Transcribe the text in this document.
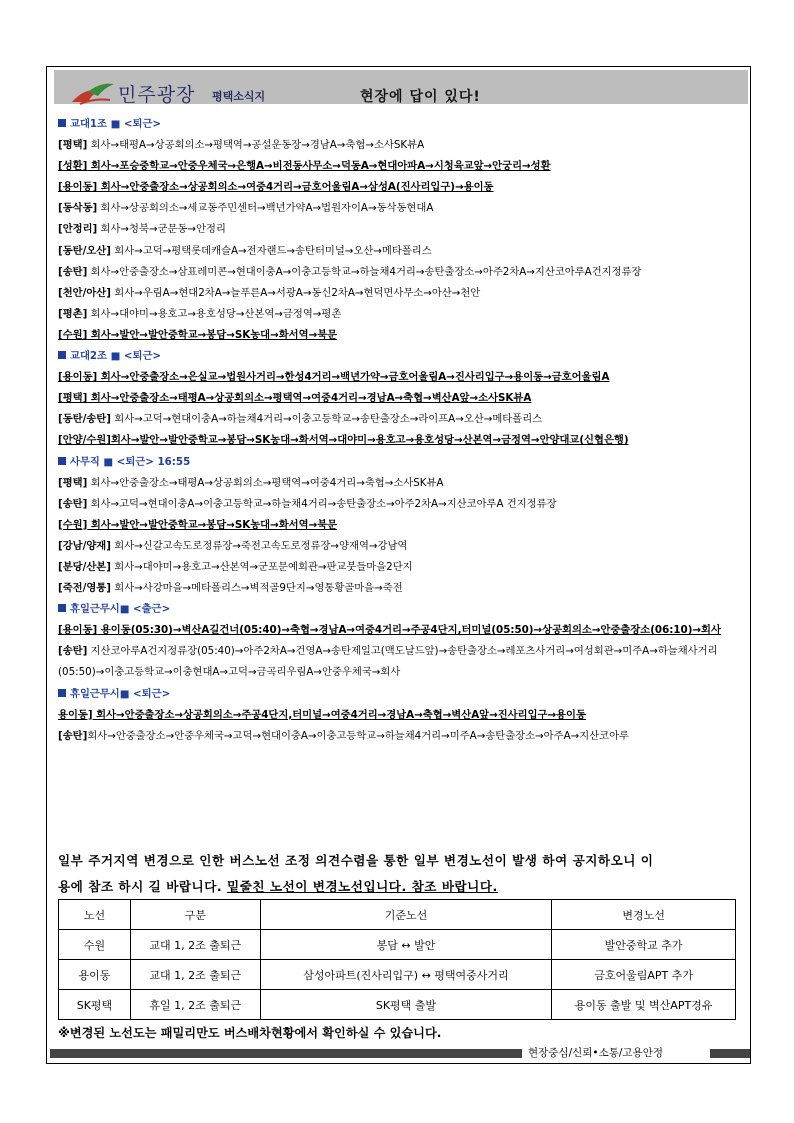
민주광장 평택소식지	현장에 답이 있다!
교대1조 ■ <퇴근>
[평택] 회사→태평A→상공회의소→평택역→공설운동장→경남A→축협→소사SK뷰A
[성환] 회사→포승중학교→안중우체국→은행A→비전동사무소→덕동A→현대아파A→시청육교앞→안궁리→성환
[용이동] 회사→안중출장소→상공회의소→여중4거리→금호어울림A→삼성A(진사리입구)→용이동
[동삭동] 회사→상공회의소→세교동주민센터→백년가약A→법원자이A→동삭동현대A
[안정리] 회사→청북→군문동→안정리
[동탄/오산] 회사→고덕→평택롯데캐슬A→전자랜드→송탄터미널→오산→메타폴리스
[송탄] 회사→안중출장소→삼표레미콘→현대이충A→이충고등학교→하늘채4거리→송탄출장소→아주2차A→지산코아루A건지정류장
[천안/아산] 회사→우림A→현대2차A→늘푸른A→서광A→동신2차A→현덕면사무소→아산→천안
[평촌] 회사→대야미→용호고→용호성당→산본역→금정역→평촌
[수원] 회사→발안→발안중학교→봉담→SK농대→화서역→북문
교대2조 ■ <퇴근>
[용이동] 회사→안중출장소→은실교→법원사거리→한성4거리→백년가약→금호어울림A→진사리입구→용이동→금호어울림A
[평택] 회사→안중출장소→태평A→상공회의소→평택역→여중4거리→경남A→축협→벽산A앞→소사SK뷰A
[동탄/송탄] 회사→고덕→현대이충A→하늘채4거리→이충고등학교→송탄출장소→라이프A→오산→메타폴리스
[안양/수원]회사→발안→발안중학교→봉담→SK농대→화서역→대야미→용호고→용호성당→산본역→금정역→안양대교(신협은행)
사무직 ■ <퇴근> 16:55
[평택] 회사→안중출장소→태평A→상공회의소→평택역→여중4거리→축협→소사SK뷰A
[송탄] 회사→고덕→현대이충A→이충고등학교→하늘채4거리→송탄출장소→아주2차A→지산코아루A 건지정류장
[수원] 회사→발안→발안중학교→봉담→SK농대→화서역→북문
[강남/양재] 회사→신갈고속도로정류장→죽전고속도로정류장→양재역→강남역
[분당/산본] 회사→대야미→용호고→산본역→군포문예회관→판교붓들마을2단지
[죽전/영통] 회사→사강마을→메타폴리스→벽적골9단지→영통황골마을→죽전
휴일근무시■ <출근>
[용이동] 용이동(05:30)→벽산A길건너(05:40)→축협→경남A→여중4거리→주공4단지,터미널(05:50)→상공회의소→안중출장소(06:10)→회사
[송탄] 지산코아루A건지정류장(05:40)→아주2차A→건영A→송탄제일고(맥도날드앞)→송탄출장소→레포츠사거리→여성회관→미주A→하늘채사거리(05:50)→이충고등학교→이충현대A→고덕→금곡리우림A→안중우체국→회사
휴일근무시■ <퇴근>
용이동] 회사→안중출장소→상공회의소→주공4단지,터미널→여중4거리→경남A→축협→벽산A앞→진사리입구→용이동
[송탄]회사→안중출장소→안중우체국→고덕→현대이충A→이충고등학교→하늘채4거리→미주A→송탄출장소→아주A→지산코아루
일부 주거지역 변경으로 인한 버스노선 조정 의견수렴을 통한 일부 변경노선이 발생 하여 공지하오니 이
용에 참조 하시 길 바랍니다. 밑줄친 노선이 변경노선입니다. 참조 바랍니다.
노선	구분	기준노선	변경노선
수원	교대 1, 2조 출퇴근	봉담 ↔ 발안	발안중학교 추가
용이동	교대 1, 2조 출퇴근	삼성아파트(진사리입구) ↔ 평택여중사거리	금호어울림APT 추가
SK평택	휴일 1, 2조 출퇴근	SK평택 출발	용이동 출발 및 벽산APT경유
※변경된 노선도는 패밀리만도 버스배차현황에서 확인하실 수 있습니다.
현장중심/신뢰•소통/고용안정
